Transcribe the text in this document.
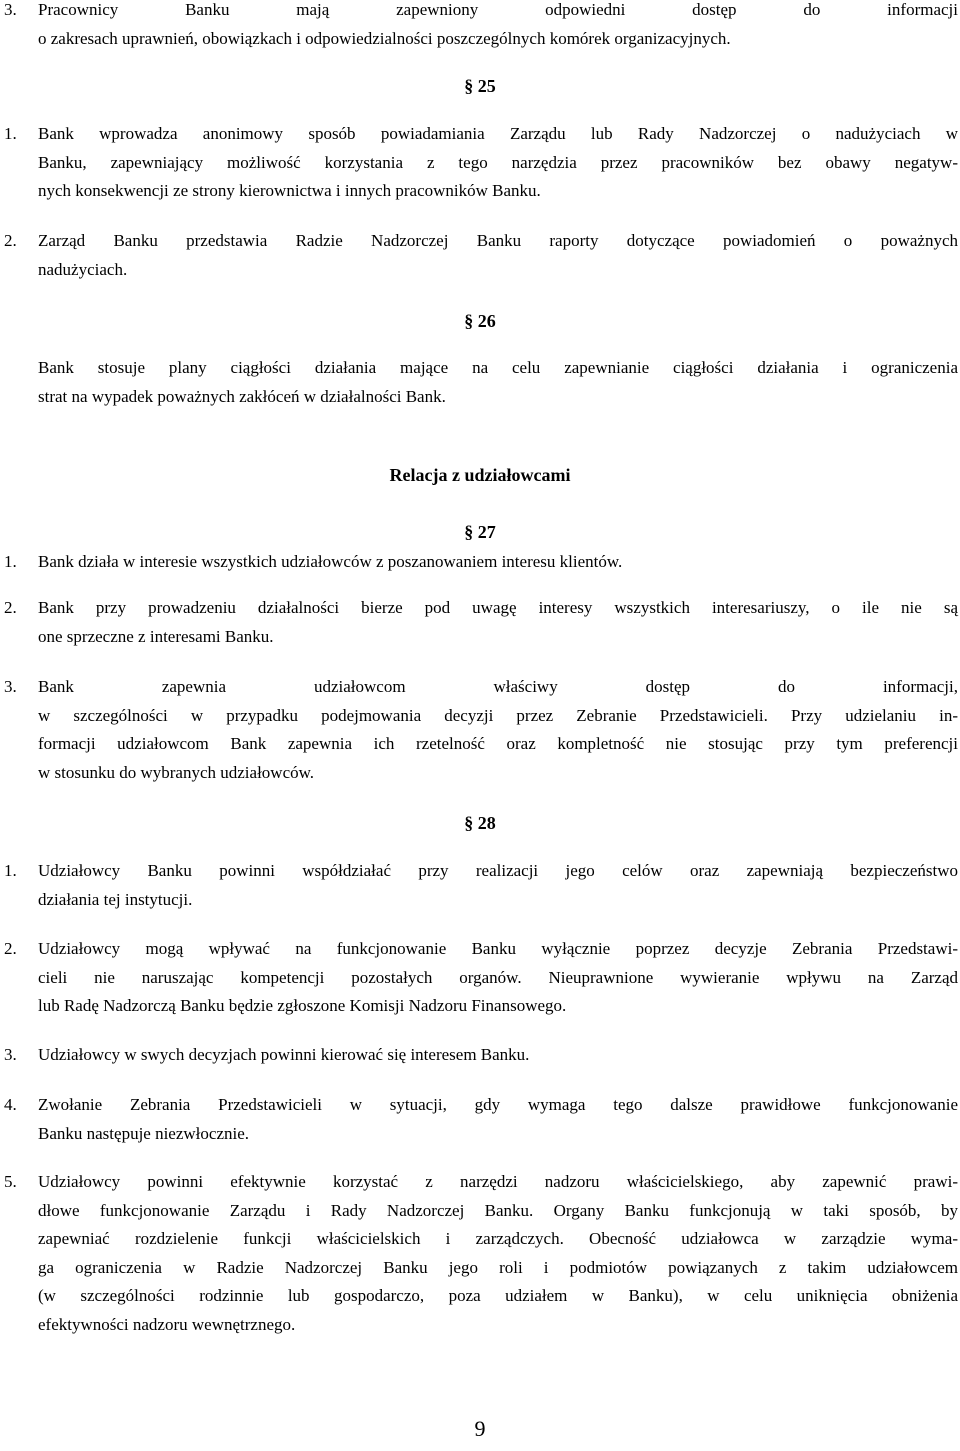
3. Pracownicy Banku mają zapewniony odpowiedni dostęp do informacji
o zakresach uprawnień, obowiązkach i odpowiedzialności poszczególnych komórek organizacyjnych.
§ 25
1. Bank wprowadza anonimowy sposób powiadamiania Zarządu lub Rady Nadzorczej o nadużyciach w
Banku, zapewniający możliwość korzystania z tego narzędzia przez pracowników bez obawy negatyw-
nych konsekwencji ze strony kierownictwa i innych pracowników Banku.
2. Zarząd Banku przedstawia Radzie Nadzorczej Banku raporty dotyczące powiadomień o poważnych
nadużyciach.
§ 26
Bank stosuje plany ciągłości działania mające na celu zapewnianie ciągłości działania i ograniczenia
strat na wypadek poważnych zakłóceń w działalności Bank.
Relacja z udziałowcami
§ 27
1. Bank działa w interesie wszystkich udziałowców z poszanowaniem interesu klientów.
2. Bank przy prowadzeniu działalności bierze pod uwagę interesy wszystkich interesariuszy, o ile nie są
one sprzeczne z interesami Banku.
3. Bank zapewnia udziałowcom właściwy dostęp do informacji,
w szczególności w przypadku podejmowania decyzji przez Zebranie Przedstawicieli. Przy udzielaniu in-
formacji udziałowcom Bank zapewnia ich rzetelność oraz kompletność nie stosując przy tym preferencji
w stosunku do wybranych udziałowców.
§ 28
1. Udziałowcy Banku powinni współdziałać przy realizacji jego celów oraz zapewniają bezpieczeństwo
działania tej instytucji.
2. Udziałowcy mogą wpływać na funkcjonowanie Banku wyłącznie poprzez decyzje Zebrania Przedstawi-
cieli nie naruszając kompetencji pozostałych organów. Nieuprawnione wywieranie wpływu na Zarząd
lub Radę Nadzorczą Banku będzie zgłoszone Komisji Nadzoru Finansowego.
3. Udziałowcy w swych decyzjach powinni kierować się interesem Banku.
4. Zwołanie Zebrania Przedstawicieli w sytuacji, gdy wymaga tego dalsze prawidłowe funkcjonowanie
Banku następuje niezwłocznie.
5. Udziałowcy powinni efektywnie korzystać z narzędzi nadzoru właścicielskiego, aby zapewnić prawi-
dłowe funkcjonowanie Zarządu i Rady Nadzorczej Banku. Organy Banku funkcjonują w taki sposób, by
zapewniać rozdzielenie funkcji właścicielskich i zarządczych. Obecność udziałowca w zarządzie wyma-
ga ograniczenia w Radzie Nadzorczej Banku jego roli i podmiotów powiązanych z takim udziałowcem
(w szczególności rodzinnie lub gospodarczo, poza udziałem w Banku), w celu uniknięcia obniżenia
efektywności nadzoru wewnętrznego.
9
